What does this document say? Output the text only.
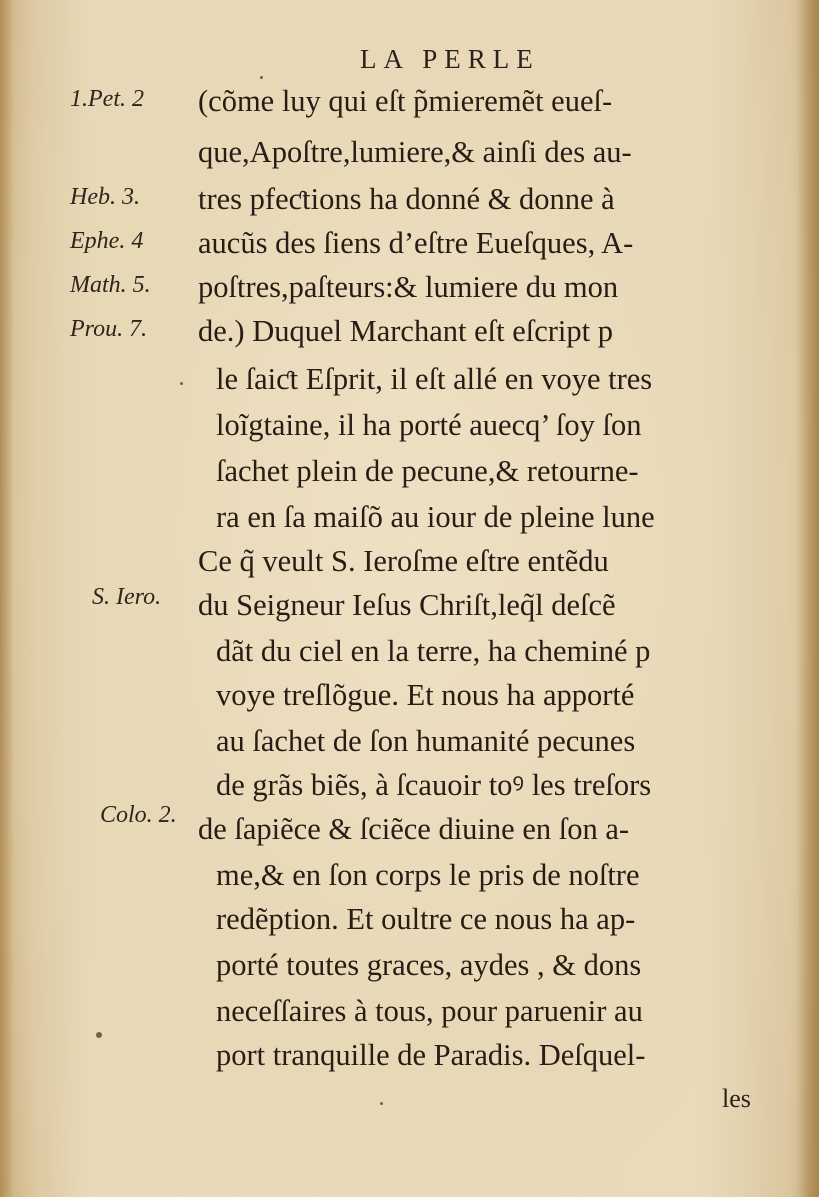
LA PERLE
1.Pet. 2
Heb. 3.
Ephe. 4
Math. 5.
Prou. 7.
S. Iero.
Colo. 2.
(cõme luy qui eſt p̃mieremẽt eueſ-
que,Apoſtre,lumiere,& ainſi des au-
tres pfeƈtions ha donné & donne à
aucũs des ſiens d’eſtre Eueſques, A-
poſtres,paſteurs:& lumiere du mon
de.) Duquel Marchant eſt eſcript p
le ſaiƈt Eſprit, il eſt allé en voye tres
loĩgtaine, il ha porté auecq’ ſoy ſon
ſachet plein de pecune,& retourne-
ra en ſa maiſõ au iour de pleine lune
Ce q̃ veult S. Ieroſme eſtre entẽdu
du Seigneur Ieſus Chriſt,leq̃l deſcẽ
dãt du ciel en la terre, ha cheminé p
voye treſlõgue. Et nous ha apporté
au ſachet de ſon humanité pecunes
de grãs biẽs, à ſcauoir toꝰ les treſors
de ſapiẽce & ſciẽce diuine en ſon a-
me,& en ſon corps le pris de noſtre
redẽption. Et oultre ce nous ha ap-
porté toutes graces, aydes , & dons
neceſſaires à tous, pour paruenir au
port tranquille de Paradis. Deſquel-
les
